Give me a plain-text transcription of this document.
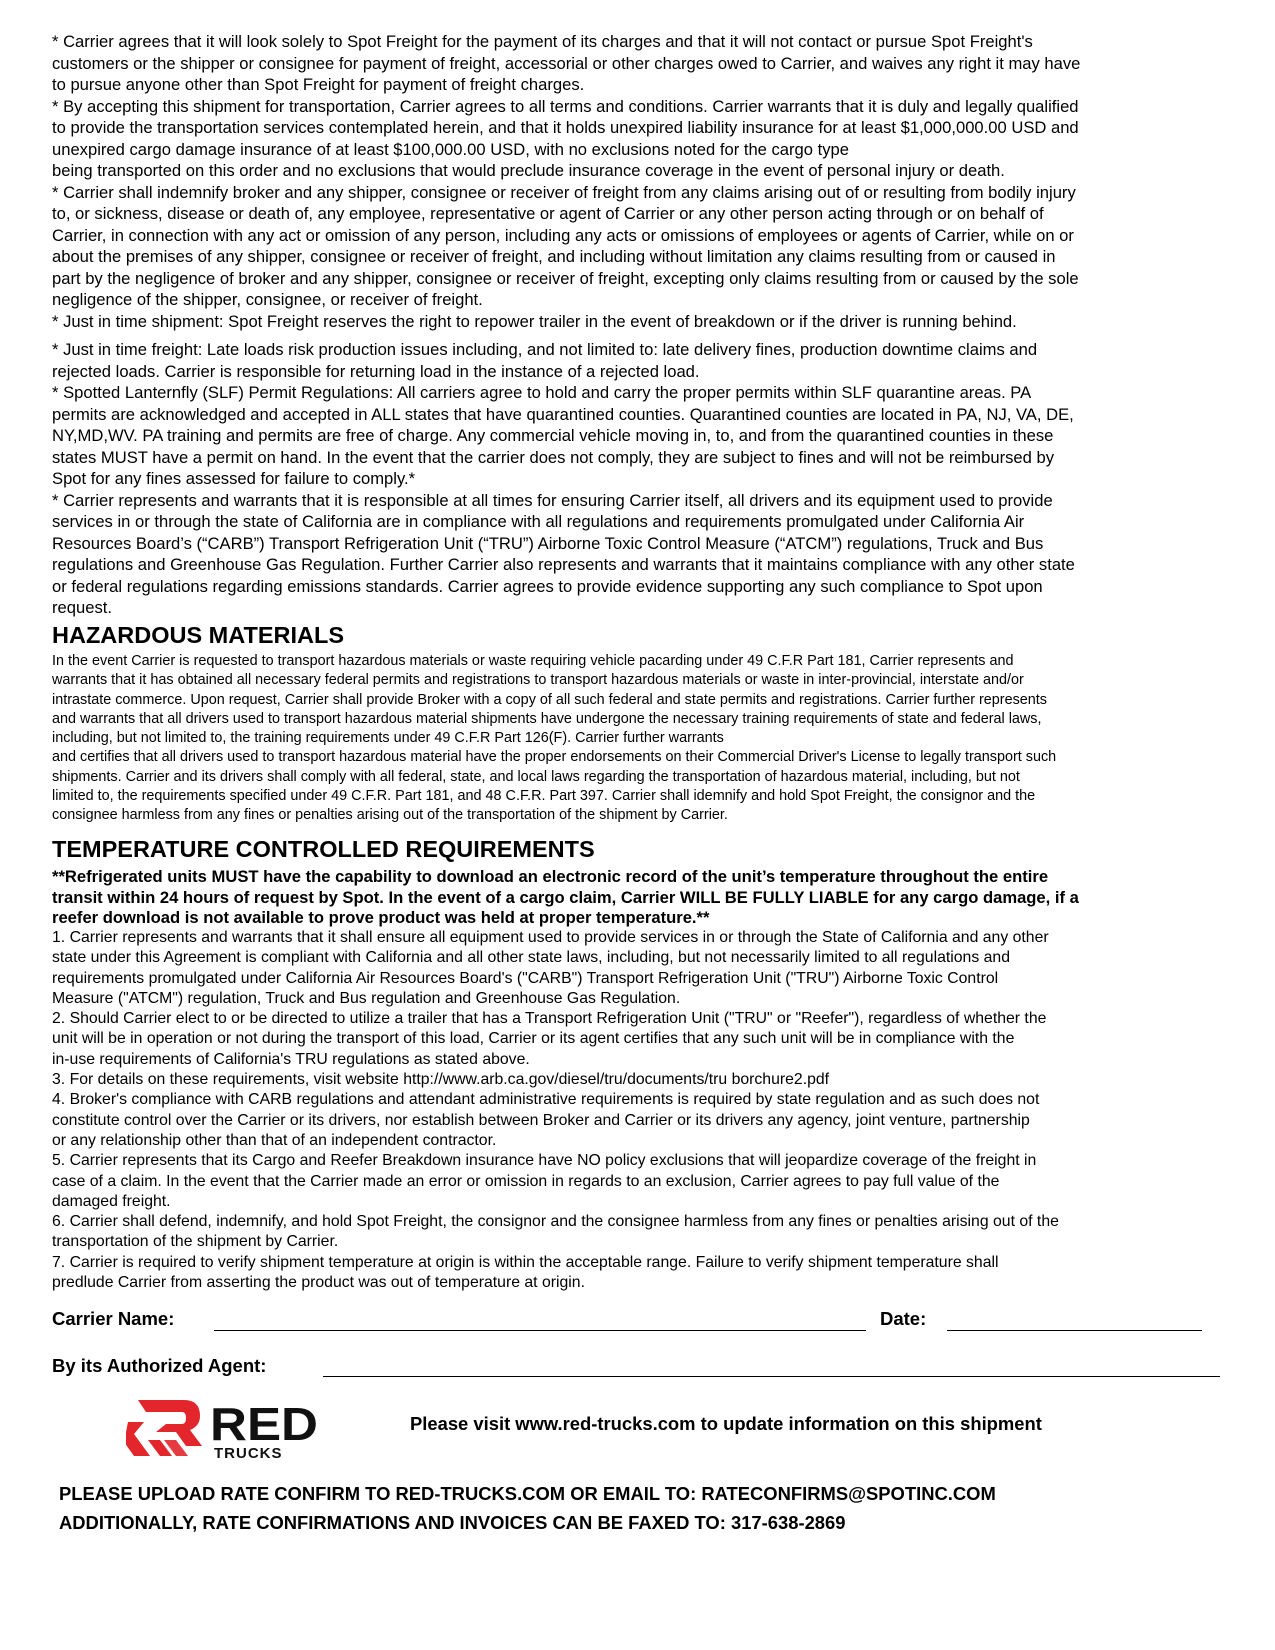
* Carrier agrees that it will look solely to Spot Freight for the payment of its charges and that it will not contact or pursue Spot Freight's
customers or the shipper or consignee for payment of freight, accessorial or other charges owed to Carrier, and waives any right it may have
to pursue anyone other than Spot Freight for payment of freight charges.
* By accepting this shipment for transportation, Carrier agrees to all terms and conditions. Carrier warrants that it is duly and legally qualified
to provide the transportation services contemplated herein, and that it holds unexpired liability insurance for at least $1,000,000.00 USD and
unexpired cargo damage insurance of at least $100,000.00 USD, with no exclusions noted for the cargo type
being transported on this order and no exclusions that would preclude insurance coverage in the event of personal injury or death.
* Carrier shall indemnify broker and any shipper, consignee or receiver of freight from any claims arising out of or resulting from bodily injury
to, or sickness, disease or death of, any employee, representative or agent of Carrier or any other person acting through or on behalf of
Carrier, in connection with any act or omission of any person, including any acts or omissions of employees or agents of Carrier, while on or
about the premises of any shipper, consignee or receiver of freight, and including without limitation any claims resulting from or caused in
part by the negligence of broker and any shipper, consignee or receiver of freight, excepting only claims resulting from or caused by the sole
negligence of the shipper, consignee, or receiver of freight.
* Just in time shipment: Spot Freight reserves the right to repower trailer in the event of breakdown or if the driver is running behind.
* Just in time freight: Late loads risk production issues including, and not limited to: late delivery fines, production downtime claims and
rejected loads. Carrier is responsible for returning load in the instance of a rejected load.
* Spotted Lanternfly (SLF) Permit Regulations: All carriers agree to hold and carry the proper permits within SLF quarantine areas. PA
permits are acknowledged and accepted in ALL states that have quarantined counties. Quarantined counties are located in PA, NJ, VA, DE,
NY,MD,WV. PA training and permits are free of charge. Any commercial vehicle moving in, to, and from the quarantined counties in these
states MUST have a permit on hand. In the event that the carrier does not comply, they are subject to fines and will not be reimbursed by
Spot for any fines assessed for failure to comply.*
* Carrier represents and warrants that it is responsible at all times for ensuring Carrier itself, all drivers and its equipment used to provide
services in or through the state of California are in compliance with all regulations and requirements promulgated under California Air
Resources Board’s (“CARB”) Transport Refrigeration Unit (“TRU”) Airborne Toxic Control Measure (“ATCM”) regulations, Truck and Bus
regulations and Greenhouse Gas Regulation. Further Carrier also represents and warrants that it maintains compliance with any other state
or federal regulations regarding emissions standards. Carrier agrees to provide evidence supporting any such compliance to Spot upon
request.
HAZARDOUS MATERIALS
In the event Carrier is requested to transport hazardous materials or waste requiring vehicle pacarding under 49 C.F.R Part 181, Carrier represents and
warrants that it has obtained all necessary federal permits and registrations to transport hazardous materials or waste in inter-provincial, interstate and/or
intrastate commerce. Upon request, Carrier shall provide Broker with a copy of all such federal and state permits and registrations. Carrier further represents
and warrants that all drivers used to transport hazardous material shipments have undergone the necessary training requirements of state and federal laws,
including, but not limited to, the training requirements under 49 C.F.R Part 126(F). Carrier further warrants
and certifies that all drivers used to transport hazardous material have the proper endorsements on their Commercial Driver's License to legally transport such
shipments. Carrier and its drivers shall comply with all federal, state, and local laws regarding the transportation of hazardous material, including, but not
limited to, the requirements specified under 49 C.F.R. Part 181, and 48 C.F.R. Part 397. Carrier shall idemnify and hold Spot Freight, the consignor and the
consignee harmless from any fines or penalties arising out of the transportation of the shipment by Carrier.
TEMPERATURE CONTROLLED REQUIREMENTS
**Refrigerated units MUST have the capability to download an electronic record of the unit’s temperature throughout the entire
transit within 24 hours of request by Spot. In the event of a cargo claim, Carrier WILL BE FULLY LIABLE for any cargo damage, if a
reefer download is not available to prove product was held at proper temperature.**
1. Carrier represents and warrants that it shall ensure all equipment used to provide services in or through the State of California and any other
state under this Agreement is compliant with California and all other state laws, including, but not necessarily limited to all regulations and
requirements promulgated under California Air Resources Board's ("CARB") Transport Refrigeration Unit ("TRU") Airborne Toxic Control
Measure ("ATCM") regulation, Truck and Bus regulation and Greenhouse Gas Regulation.
2. Should Carrier elect to or be directed to utilize a trailer that has a Transport Refrigeration Unit ("TRU" or "Reefer"), regardless of whether the
unit will be in operation or not during the transport of this load, Carrier or its agent certifies that any such unit will be in compliance with the
in-use requirements of California's TRU regulations as stated above.
3. For details on these requirements, visit website http://www.arb.ca.gov/diesel/tru/documents/tru borchure2.pdf
4. Broker's compliance with CARB regulations and attendant administrative requirements is required by state regulation and as such does not
constitute control over the Carrier or its drivers, nor establish between Broker and Carrier or its drivers any agency, joint venture, partnership
or any relationship other than that of an independent contractor.
5. Carrier represents that its Cargo and Reefer Breakdown insurance have NO policy exclusions that will jeopardize coverage of the freight in
case of a claim. In the event that the Carrier made an error or omission in regards to an exclusion, Carrier agrees to pay full value of the
damaged freight.
6. Carrier shall defend, indemnify, and hold Spot Freight, the consignor and the consignee harmless from any fines or penalties arising out of the
transportation of the shipment by Carrier.
7. Carrier is required to verify shipment temperature at origin is within the acceptable range. Failure to verify shipment temperature shall
predlude Carrier from asserting the product was out of temperature at origin.
Carrier Name:	Date:
By its Authorized Agent:
RED
TRUCKS
Please visit www.red-trucks.com to update information on this shipment
PLEASE UPLOAD RATE CONFIRM TO RED-TRUCKS.COM OR EMAIL TO: RATECONFIRMS@SPOTINC.COM
ADDITIONALLY, RATE CONFIRMATIONS AND INVOICES CAN BE FAXED TO: 317-638-2869
